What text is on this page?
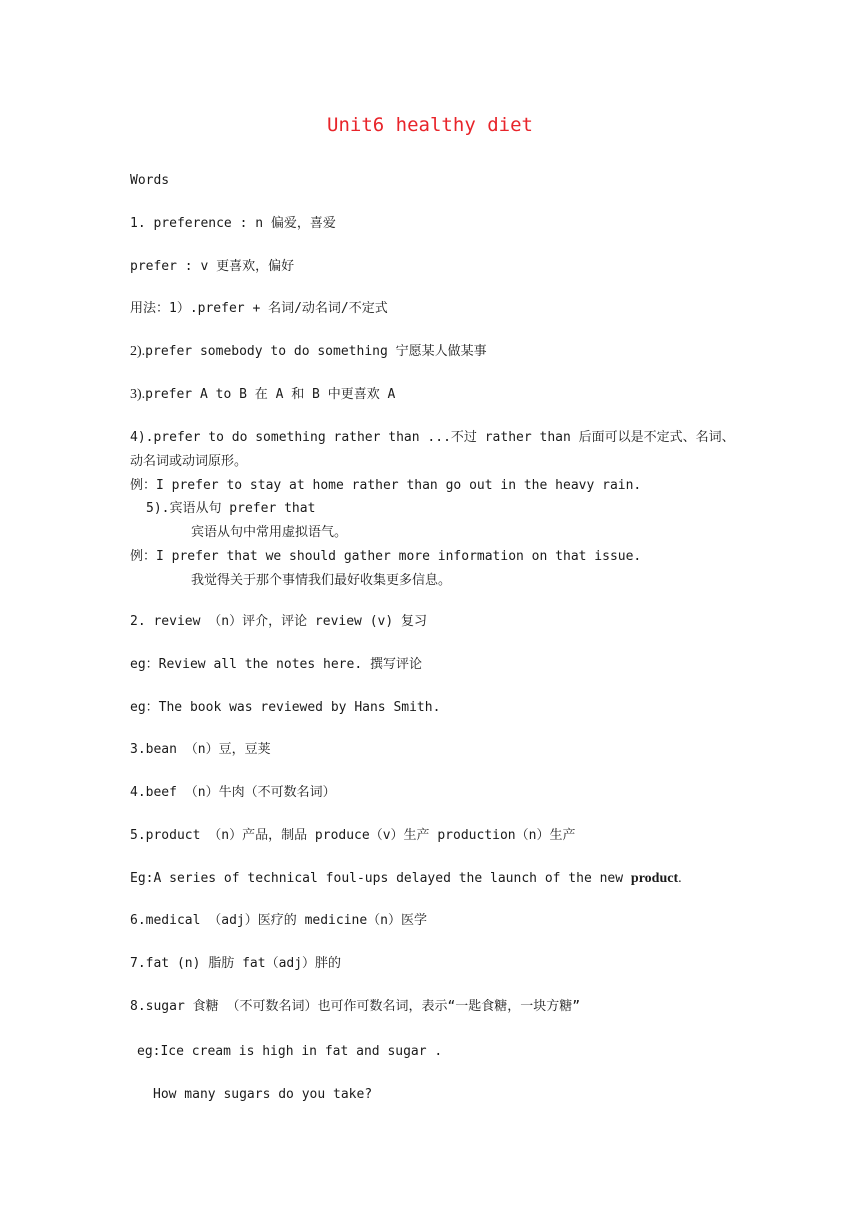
Unit6 healthy diet
Words
1. preference : n 偏爱，喜爱
prefer : v 更喜欢，偏好
用法：1）.prefer + 名词/动名词/不定式
2).prefer somebody to do something 宁愿某人做某事
3).prefer A to B 在 A 和 B 中更喜欢 A
4).prefer to do something rather than ...不过 rather than 后面可以是不定式、名词、
动名词或动词原形。
例：I prefer to stay at home rather than go out in the heavy rain.
5).宾语从句 prefer that
宾语从句中常用虚拟语气。
例：I prefer that we should gather more information on that issue.
我觉得关于那个事情我们最好收集更多信息。
2. review （n）评介，评论 review (v) 复习
eg：Review all the notes here. 撰写评论
eg：The book was reviewed by Hans Smith.
3.bean （n）豆，豆荚
4.beef （n）牛肉（不可数名词）
5.product （n）产品，制品 produce（v）生产 production（n）生产
Eg:A series of technical foul-ups delayed the launch of the new product.
6.medical （adj）医疗的 medicine（n）医学
7.fat (n) 脂肪 fat（adj）胖的
8.sugar 食糖 （不可数名词）也可作可数名词，表示“一匙食糖，一块方糖”
eg:Ice cream is high in fat and sugar .
How many sugars do you take?
